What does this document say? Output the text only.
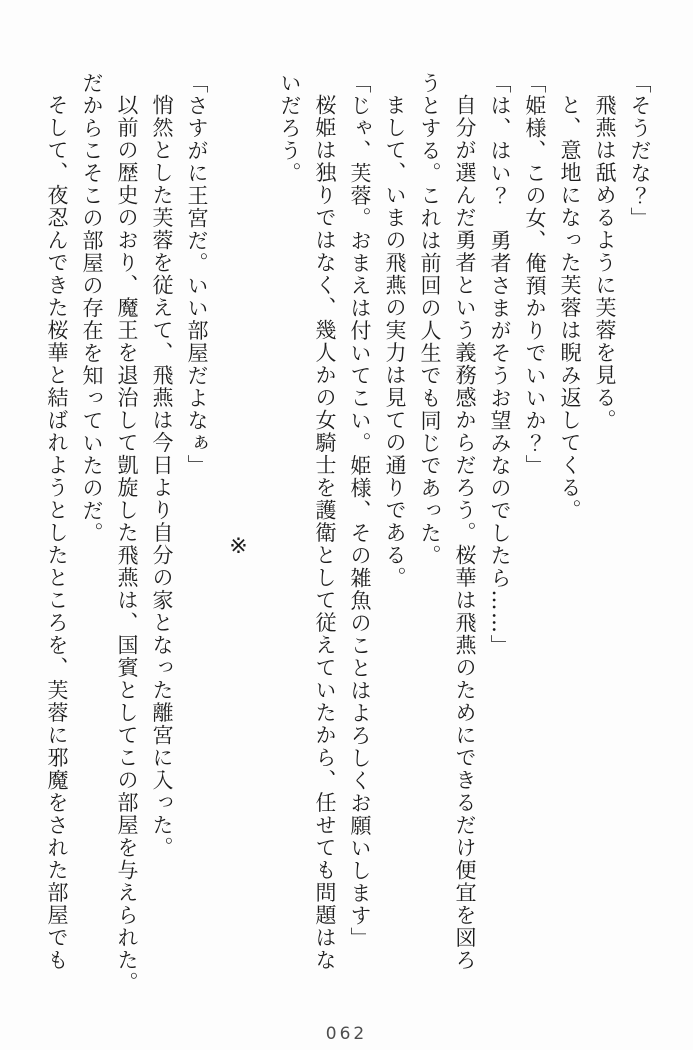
「そうだな？」

飛燕は舐めるように芙蓉を見る。

と、意地になった芙蓉は睨み返してくる。

「姫様、この女、俺預かりでいいか？」

「は、はい？　勇者さまがそうお望みなのでしたら……」

自分が選んだ勇者という義務感からだろう。桜華は飛燕のためにできるだけ便宜を図ろ

うとする。これは前回の人生でも同じであった。

まして、いまの飛燕の実力は見ての通りである。

「じゃ、芙蓉。おまえは付いてこい。姫様、その雑魚のことはよろしくお願いします」

桜姫は独りではなく、幾人かの女騎士を護衛として従えていたから、任せても問題はな

いだろう。

※

「さすがに王宮だ。いい部屋だよなぁ」

悄然とした芙蓉を従えて、飛燕は今日より自分の家となった離宮に入った。

以前の歴史のおり、魔王を退治して凱旋した飛燕は、国賓としてこの部屋を与えられた。

だからこそこの部屋の存在を知っていたのだ。

そして、夜忍んできた桜華と結ばれようとしたところを、芙蓉に邪魔をされた部屋でも

062
